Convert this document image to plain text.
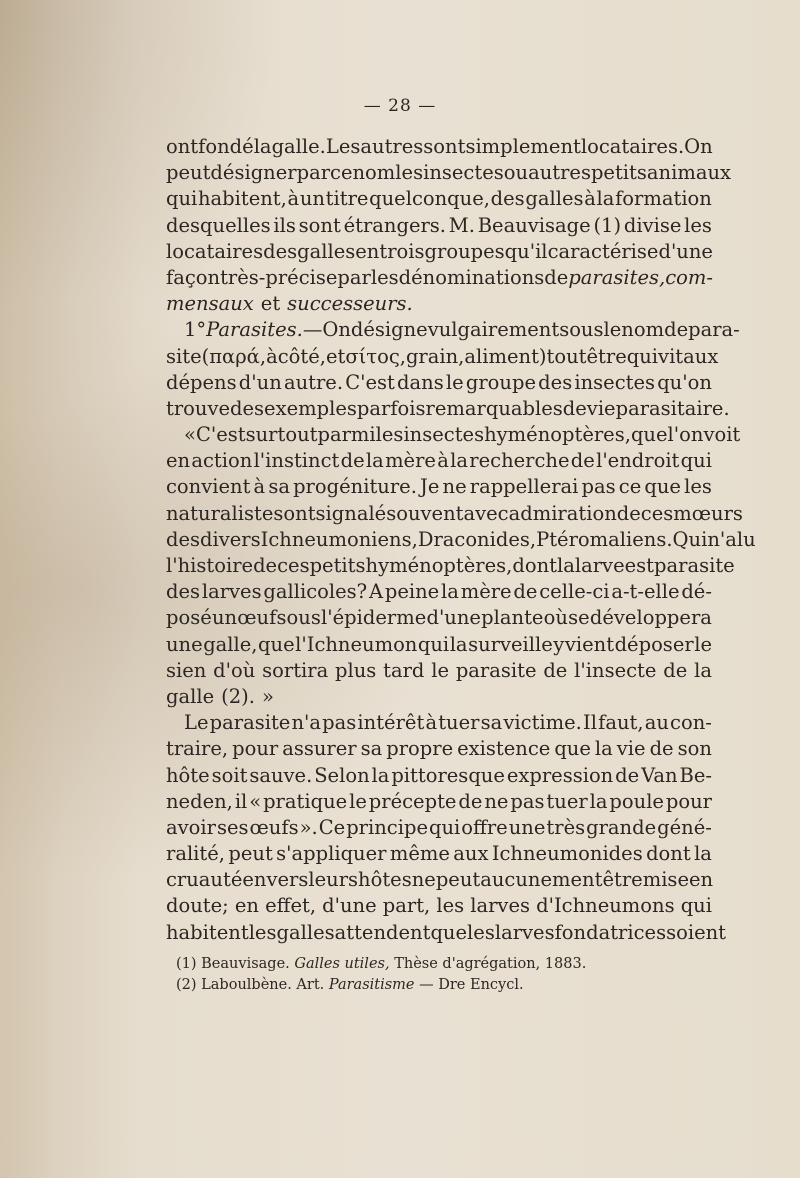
— 28 —
ont fondé la galle. Les autres sont simplement locataires. On
peut désigner par ce nom les insectes ou autres petits animaux
qui habitent, à un titre quelconque, des galles à la formation
desquelles ils sont étrangers. M. Beauvisage (1) divise les
locataires des galles en trois groupes qu'il caractérise d'une
façon très-précise par les dénominations de parasites, com-
mensaux et successeurs.
1° Parasites.— On désigne vulgairement sous le nom de para-
site (παρά, à côté, et σίτος, grain, aliment) tout être qui vit aux
dépens d'un autre. C'est dans le groupe des insectes qu'on
trouve des exemples parfois remarquables de vie parasitaire.
« C'est surtout parmi les insectes hyménoptères, que l'on voit
en action l'instinct de la mère à la recherche de l'endroit qui
convient à sa progéniture. Je ne rappellerai pas ce que les
naturalistes ont signalé souvent avec admiration de ces mœurs
des divers Ichneumoniens, Draconides, Ptéromaliens. Qui n'a lu
l'histoire de ces petits hyménoptères, dont la larve est parasite
des larves gallicoles? A peine la mère de celle-ci a-t-elle dé-
posé un œuf sous l'épiderme d'une plante où se développera
une galle, que l'Ichneumon qui la surveille y vient déposer le
sien d'où sortira plus tard le parasite de l'insecte de la
galle (2). »
Le parasite n'a pas intérêt à tuer sa victime. Il faut, au con-
traire, pour assurer sa propre existence que la vie de son
hôte soit sauve. Selon la pittoresque expression de Van Be-
neden, il « pratique le précepte de ne pas tuer la poule pour
avoir ses œufs ». Ce principe qui offre une très grande géné-
ralité, peut s'appliquer même aux Ichneumonides dont la
cruauté envers leurs hôtes ne peut aucunement être mise en
doute; en effet, d'une part, les larves d'Ichneumons qui
habitent les galles attendent que les larves fondatrices soient
(1) Beauvisage. Galles utiles, Thèse d'agrégation, 1883.
(2) Laboulbène. Art. Parasitisme — Dre Encycl.
